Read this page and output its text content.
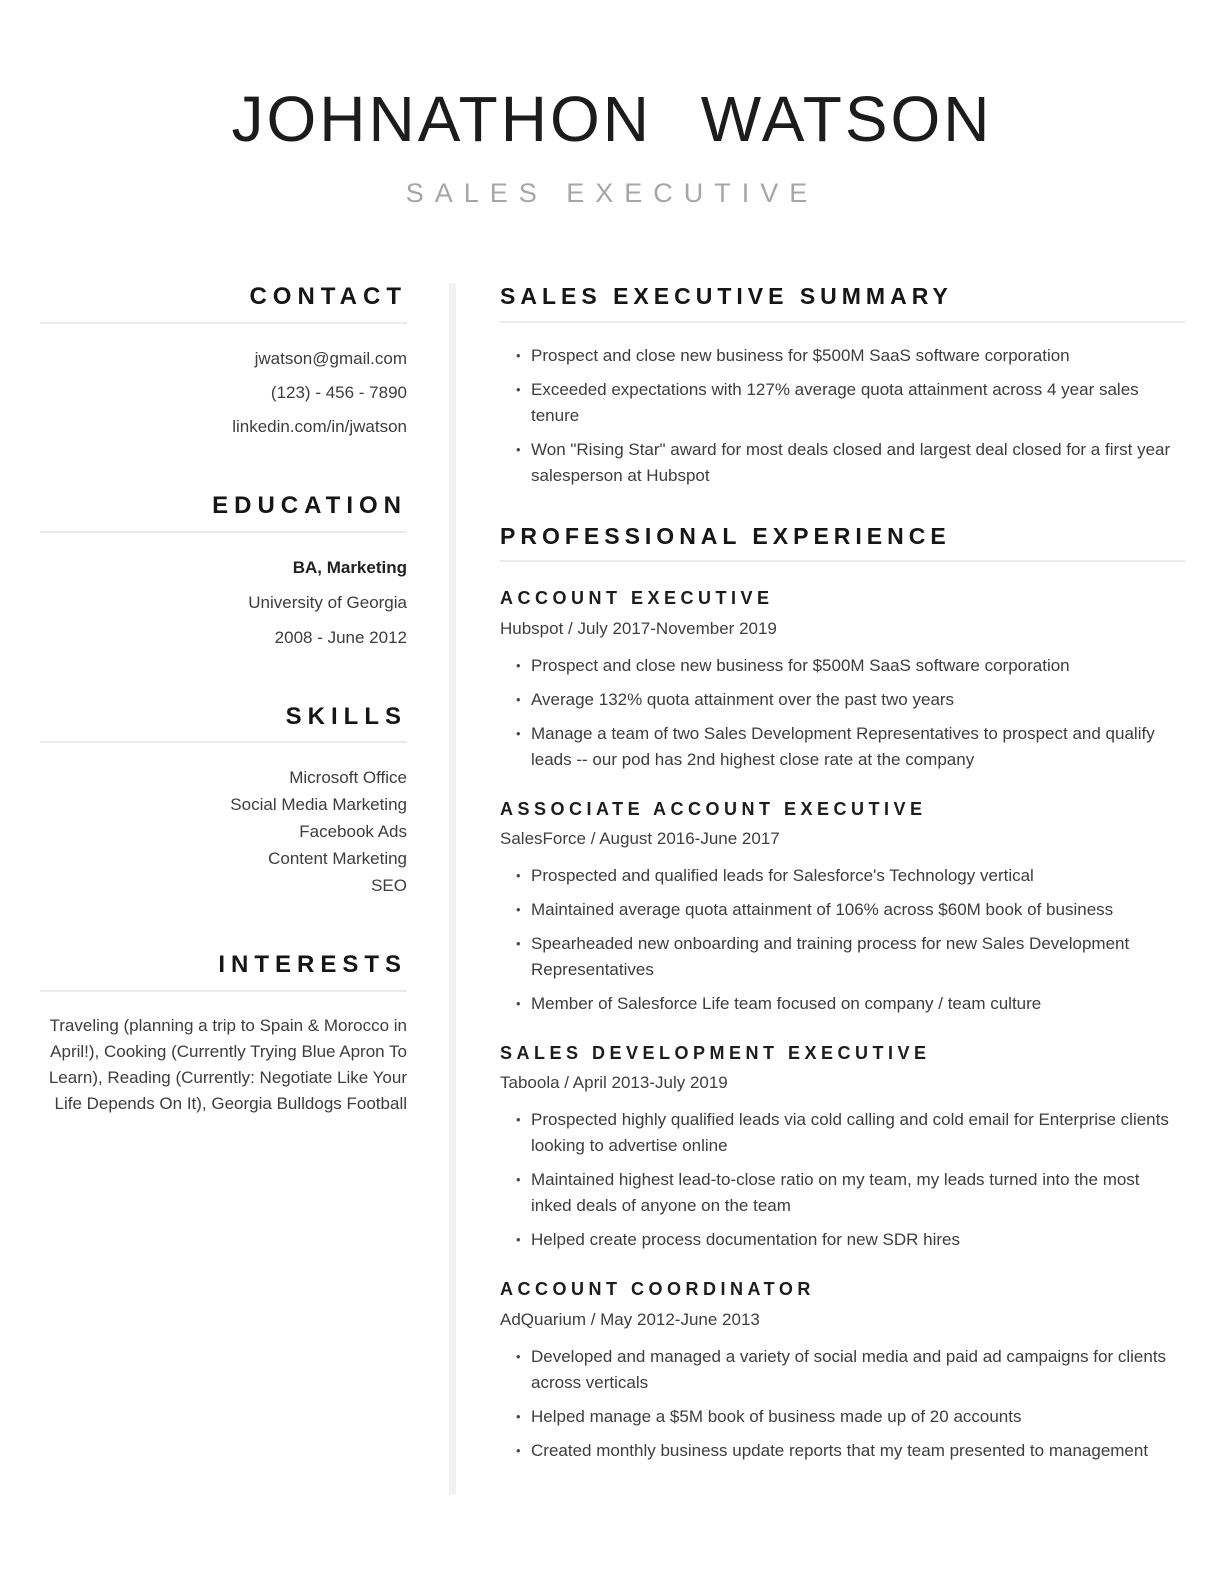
JOHNATHON WATSON
SALES EXECUTIVE
CONTACT
jwatson@gmail.com
(123) - 456 - 7890
linkedin.com/in/jwatson
EDUCATION
BA, Marketing
University of Georgia
2008 - June 2012
SKILLS
Microsoft Office
Social Media Marketing
Facebook Ads
Content Marketing
SEO
INTERESTS

Traveling (planning a trip to Spain & Morocco in April!), Cooking (Currently Trying Blue Apron To Learn), Reading (Currently: Negotiate Like Your Life Depends On It), Georgia Bulldogs Football

SALES EXECUTIVE SUMMARY
• Prospect and close new business for $500M SaaS software corporation
• Exceeded expectations with 127% average quota attainment across 4 year sales tenure
• Won "Rising Star" award for most deals closed and largest deal closed for a first year salesperson at Hubspot
PROFESSIONAL EXPERIENCE
ACCOUNT EXECUTIVE
Hubspot / July 2017-November 2019
• Prospect and close new business for $500M SaaS software corporation
• Average 132% quota attainment over the past two years
• Manage a team of two Sales Development Representatives to prospect and qualify leads -- our pod has 2nd highest close rate at the company
ASSOCIATE ACCOUNT EXECUTIVE
SalesForce / August 2016-June 2017
• Prospected and qualified leads for Salesforce's Technology vertical
• Maintained average quota attainment of 106% across $60M book of business
• Spearheaded new onboarding and training process for new Sales Development Representatives
• Member of Salesforce Life team focused on company / team culture
SALES DEVELOPMENT EXECUTIVE
Taboola / April 2013-July 2019
• Prospected highly qualified leads via cold calling and cold email for Enterprise clients looking to advertise online
• Maintained highest lead-to-close ratio on my team, my leads turned into the most inked deals of anyone on the team
• Helped create process documentation for new SDR hires
ACCOUNT COORDINATOR
AdQuarium / May 2012-June 2013
• Developed and managed a variety of social media and paid ad campaigns for clients across verticals
• Helped manage a $5M book of business made up of 20 accounts
• Created monthly business update reports that my team presented to management
